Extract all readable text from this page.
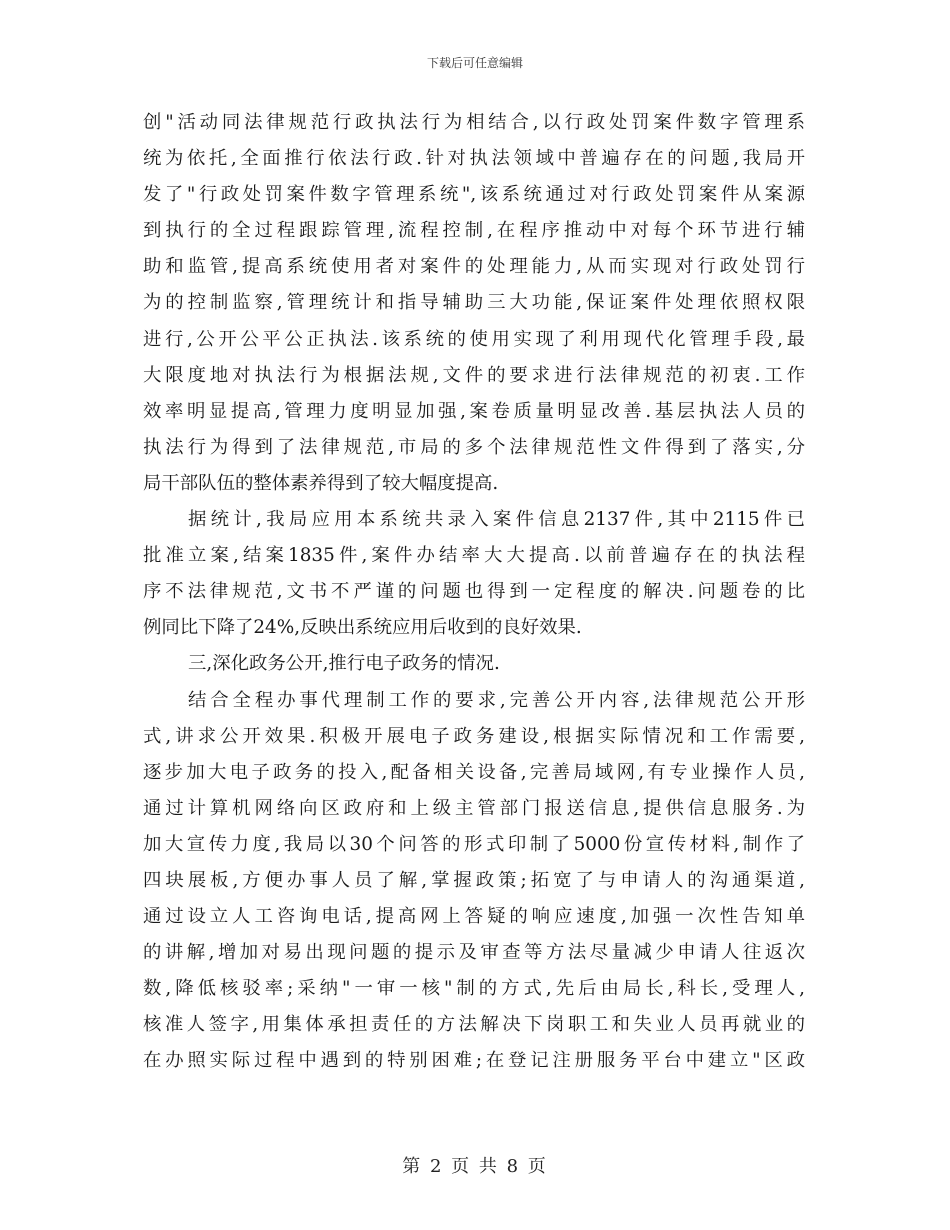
下载后可任意编辑
创"活动同法律规范行政执法行为相结合,以行政处罚案件数字管理系
统为依托,全面推行依法行政.针对执法领域中普遍存在的问题,我局开
发了"行政处罚案件数字管理系统",该系统通过对行政处罚案件从案源
到执行的全过程跟踪管理,流程控制,在程序推动中对每个环节进行辅
助和监管,提高系统使用者对案件的处理能力,从而实现对行政处罚行
为的控制监察,管理统计和指导辅助三大功能,保证案件处理依照权限
进行,公开公平公正执法.该系统的使用实现了利用现代化管理手段,最
大限度地对执法行为根据法规,文件的要求进行法律规范的初衷.工作
效率明显提高,管理力度明显加强,案卷质量明显改善.基层执法人员的
执法行为得到了法律规范,市局的多个法律规范性文件得到了落实,分
局干部队伍的整体素养得到了较大幅度提高.
据统计,我局应用本系统共录入案件信息2137件,其中2115件已
批准立案,结案1835件,案件办结率大大提高.以前普遍存在的执法程
序不法律规范,文书不严谨的问题也得到一定程度的解决.问题卷的比
例同比下降了24%,反映出系统应用后收到的良好效果.
三,深化政务公开,推行电子政务的情况.
结合全程办事代理制工作的要求,完善公开内容,法律规范公开形
式,讲求公开效果.积极开展电子政务建设,根据实际情况和工作需要,
逐步加大电子政务的投入,配备相关设备,完善局域网,有专业操作人员,
通过计算机网络向区政府和上级主管部门报送信息,提供信息服务.为
加大宣传力度,我局以30个问答的形式印制了5000份宣传材料,制作了
四块展板,方便办事人员了解,掌握政策;拓宽了与申请人的沟通渠道,
通过设立人工咨询电话,提高网上答疑的响应速度,加强一次性告知单
的讲解,增加对易出现问题的提示及审查等方法尽量减少申请人往返次
数,降低核驳率;采纳"一审一核"制的方式,先后由局长,科长,受理人,
核准人签字,用集体承担责任的方法解决下岗职工和失业人员再就业的
在办照实际过程中遇到的特别困难;在登记注册服务平台中建立"区政
第 2 页 共 8 页
